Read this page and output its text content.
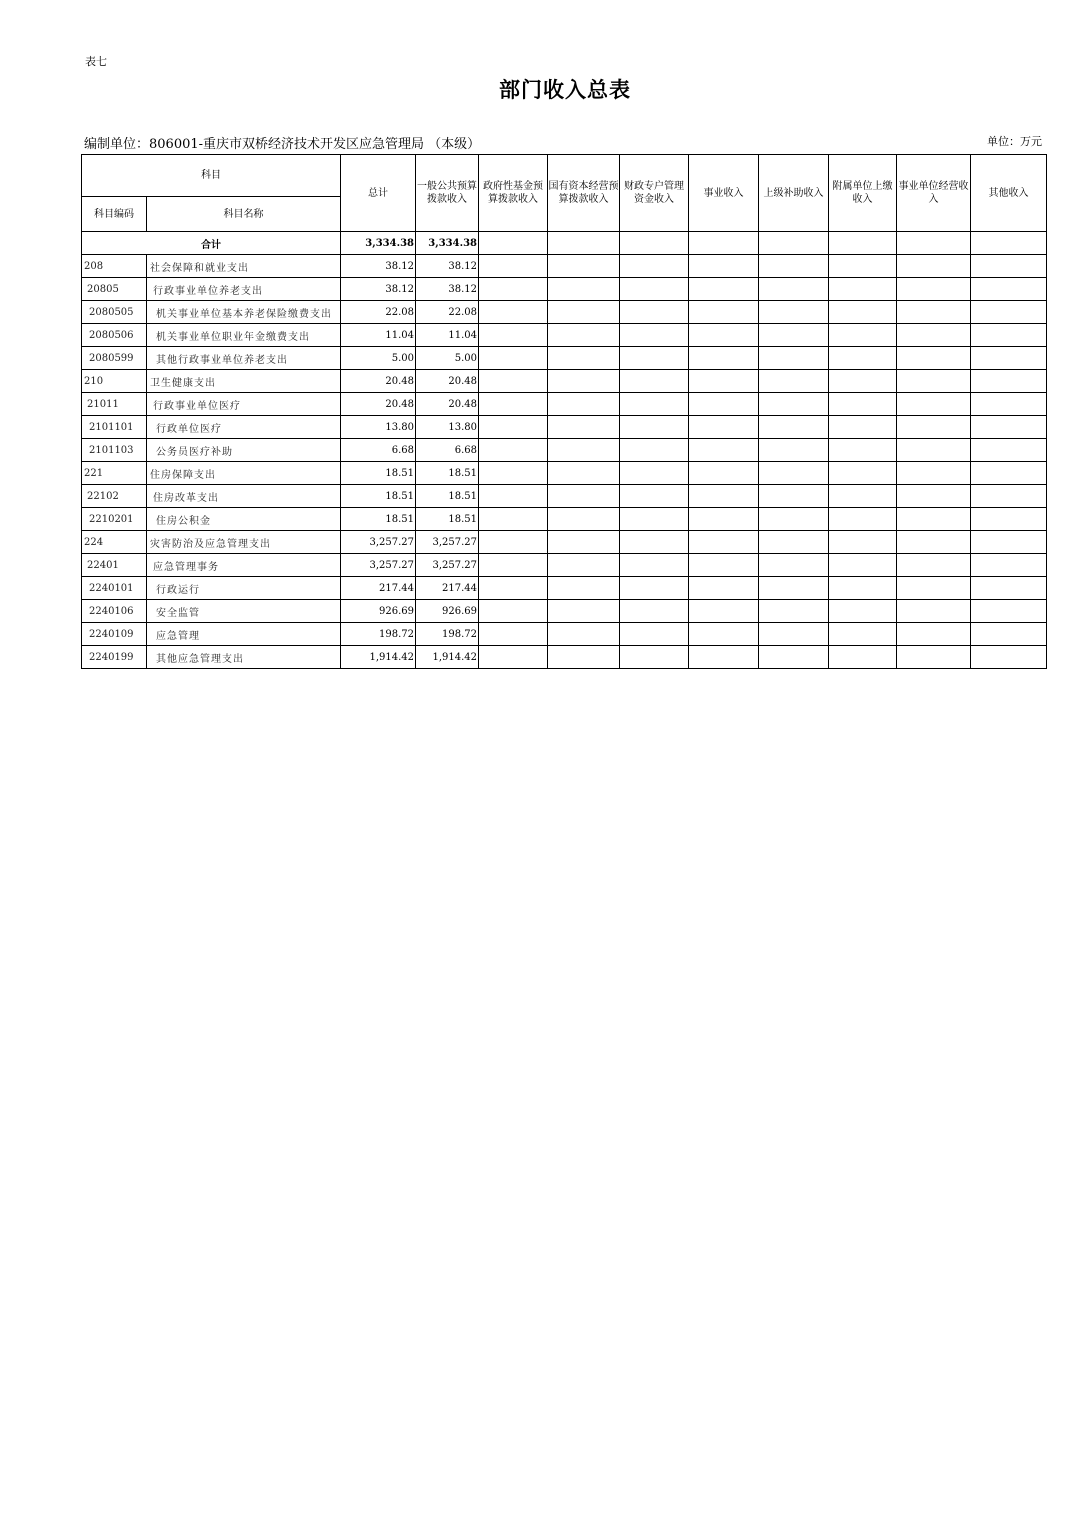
表七
部门收入总表
编制单位：806001-重庆市双桥经济技术开发区应急管理局 （本级）	单位：万元
科目		总计	一般公共预算拨款收入	政府性基金预算拨款收入	国有资本经营预算拨款收入	财政专户管理资金收入	事业收入	上级补助收入	附属单位上缴收入	事业单位经营收入	其他收入
科目编码	科目名称										
合计		3,334.38	3,334.38								
208	社会保障和就业支出	38.12	38.12								
20805	行政事业单位养老支出	38.12	38.12								
2080505	机关事业单位基本养老保险缴费支出	22.08	22.08								
2080506	机关事业单位职业年金缴费支出	11.04	11.04								
2080599	其他行政事业单位养老支出	5.00	5.00								
210	卫生健康支出	20.48	20.48								
21011	行政事业单位医疗	20.48	20.48								
2101101	行政单位医疗	13.80	13.80								
2101103	公务员医疗补助	6.68	6.68								
221	住房保障支出	18.51	18.51								
22102	住房改革支出	18.51	18.51								
2210201	住房公积金	18.51	18.51								
224	灾害防治及应急管理支出	3,257.27	3,257.27								
22401	应急管理事务	3,257.27	3,257.27								
2240101	行政运行	217.44	217.44								
2240106	安全监管	926.69	926.69								
2240109	应急管理	198.72	198.72								
2240199	其他应急管理支出	1,914.42	1,914.42								
